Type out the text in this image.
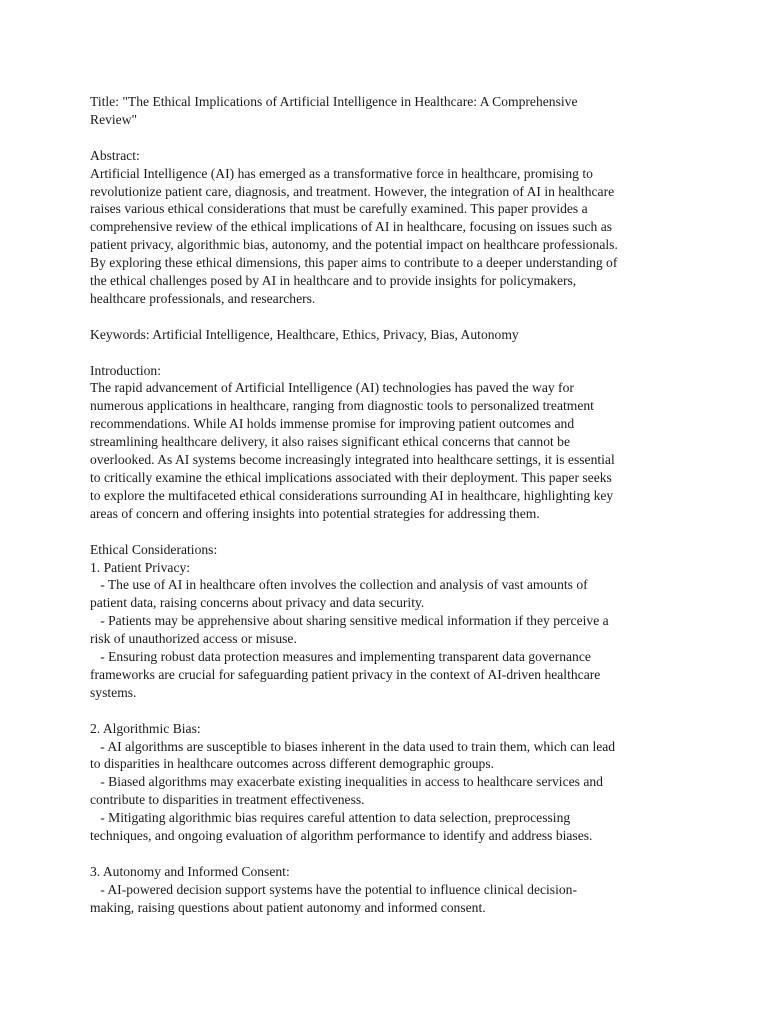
Title: "The Ethical Implications of Artificial Intelligence in Healthcare: A Comprehensive
Review"
Abstract:
Artificial Intelligence (AI) has emerged as a transformative force in healthcare, promising to
revolutionize patient care, diagnosis, and treatment. However, the integration of AI in healthcare
raises various ethical considerations that must be carefully examined. This paper provides a
comprehensive review of the ethical implications of AI in healthcare, focusing on issues such as
patient privacy, algorithmic bias, autonomy, and the potential impact on healthcare professionals.
By exploring these ethical dimensions, this paper aims to contribute to a deeper understanding of
the ethical challenges posed by AI in healthcare and to provide insights for policymakers,
healthcare professionals, and researchers.
Keywords: Artificial Intelligence, Healthcare, Ethics, Privacy, Bias, Autonomy
Introduction:
The rapid advancement of Artificial Intelligence (AI) technologies has paved the way for
numerous applications in healthcare, ranging from diagnostic tools to personalized treatment
recommendations. While AI holds immense promise for improving patient outcomes and
streamlining healthcare delivery, it also raises significant ethical concerns that cannot be
overlooked. As AI systems become increasingly integrated into healthcare settings, it is essential
to critically examine the ethical implications associated with their deployment. This paper seeks
to explore the multifaceted ethical considerations surrounding AI in healthcare, highlighting key
areas of concern and offering insights into potential strategies for addressing them.
Ethical Considerations:
1. Patient Privacy:
- The use of AI in healthcare often involves the collection and analysis of vast amounts of
patient data, raising concerns about privacy and data security.
- Patients may be apprehensive about sharing sensitive medical information if they perceive a
risk of unauthorized access or misuse.
- Ensuring robust data protection measures and implementing transparent data governance
frameworks are crucial for safeguarding patient privacy in the context of AI-driven healthcare
systems.
2. Algorithmic Bias:
- AI algorithms are susceptible to biases inherent in the data used to train them, which can lead
to disparities in healthcare outcomes across different demographic groups.
- Biased algorithms may exacerbate existing inequalities in access to healthcare services and
contribute to disparities in treatment effectiveness.
- Mitigating algorithmic bias requires careful attention to data selection, preprocessing
techniques, and ongoing evaluation of algorithm performance to identify and address biases.
3. Autonomy and Informed Consent:
- AI-powered decision support systems have the potential to influence clinical decision-
making, raising questions about patient autonomy and informed consent.
